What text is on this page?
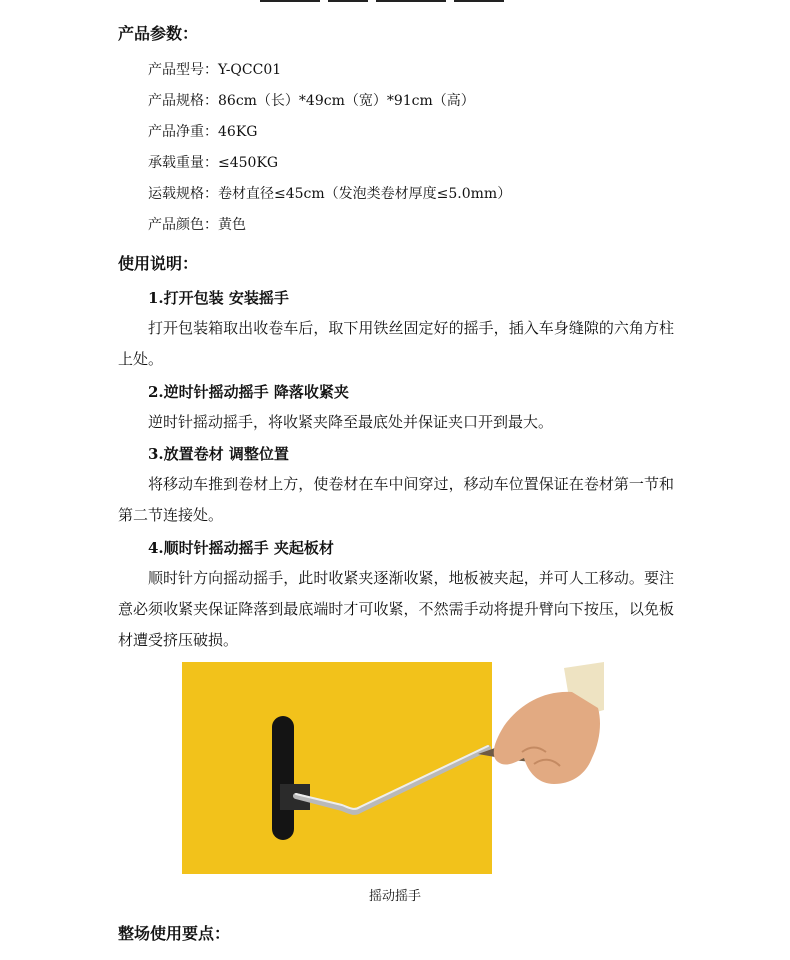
产品参数：
产品型号：Y-QCC01
产品规格：86cm（长）*49cm（宽）*91cm（高）
产品净重：46KG
承载重量：≤450KG
运载规格：卷材直径≤45cm（发泡类卷材厚度≤5.0mm）
产品颜色：黄色
使用说明：
1.打开包装 安装摇手
打开包装箱取出收卷车后，取下用铁丝固定好的摇手，插入车身缝隙的六角方柱上处。
2.逆时针摇动摇手 降落收紧夹
逆时针摇动摇手，将收紧夹降至最底处并保证夹口开到最大。
3.放置卷材 调整位置
将移动车推到卷材上方，使卷材在车中间穿过，移动车位置保证在卷材第一节和第二节连接处。
4.顺时针摇动摇手 夹起板材
顺时针方向摇动摇手，此时收紧夹逐渐收紧，地板被夹起，并可人工移动。要注意必须收紧夹保证降落到最底端时才可收紧，不然需手动将提升臂向下按压，以免板材遭受挤压破损。
摇动摇手
整场使用要点：
